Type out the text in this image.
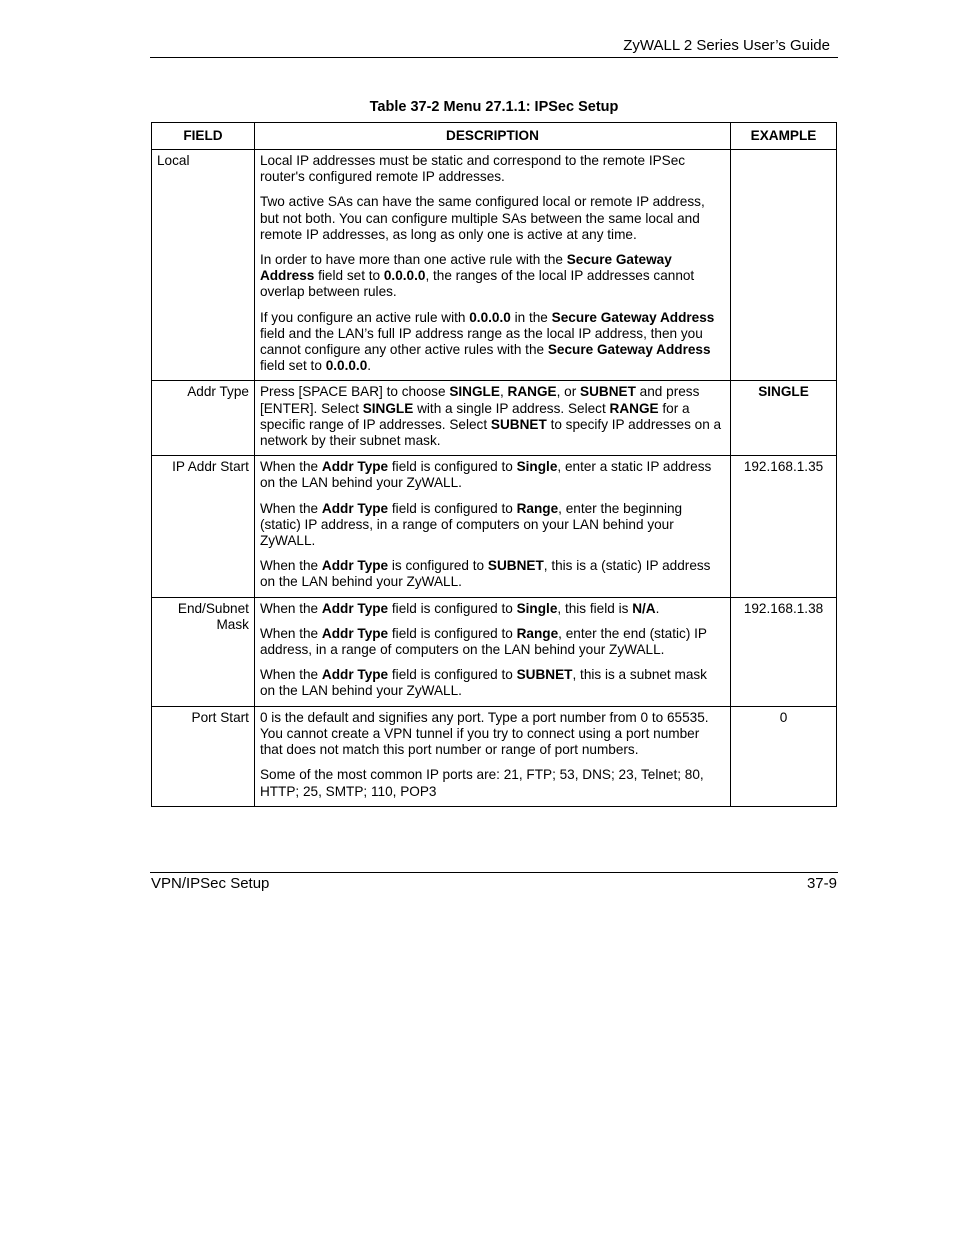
ZyWALL 2 Series User’s Guide
Table 37-2 Menu 27.1.1: IPSec Setup
FIELD	DESCRIPTION	EXAMPLE
Local	Local IP addresses must be static and correspond to the remote IPSec router's configured remote IP addresses.

Two active SAs can have the same configured local or remote IP address, but not both. You can configure multiple SAs between the same local and remote IP addresses, as long as only one is active at any time.

In order to have more than one active rule with the Secure Gateway Address field set to 0.0.0.0, the ranges of the local IP addresses cannot overlap between rules.

If you configure an active rule with 0.0.0.0 in the Secure Gateway Address field and the LAN’s full IP address range as the local IP address, then you cannot configure any other active rules with the Secure Gateway Address field set to 0.0.0.0.	

Addr Type	Press [SPACE BAR] to choose SINGLE, RANGE, or SUBNET and press [ENTER]. Select SINGLE with a single IP address. Select RANGE for a specific range of IP addresses. Select SUBNET to specify IP addresses on a network by their subnet mask.	SINGLE
IP Addr Start	When the Addr Type field is configured to Single, enter a static IP address on the LAN behind your ZyWALL.

When the Addr Type field is configured to Range, enter the beginning (static) IP address, in a range of computers on your LAN behind your ZyWALL.

When the Addr Type is configured to SUBNET, this is a (static) IP address on the LAN behind your ZyWALL.	192.168.1.35
End/Subnet Mask	When the Addr Type field is configured to Single, this field is N/A.

When the Addr Type field is configured to Range, enter the end (static) IP address, in a range of computers on the LAN behind your ZyWALL.

When the Addr Type field is configured to SUBNET, this is a subnet mask on the LAN behind your ZyWALL.	192.168.1.38
Port Start	0 is the default and signifies any port. Type a port number from 0 to 65535. You cannot create a VPN tunnel if you try to connect using a port number that does not match this port number or range of port numbers.

Some of the most common IP ports are: 21, FTP; 53, DNS; 23, Telnet; 80, HTTP; 25, SMTP; 110, POP3	0
VPN/IPSec Setup	37-9
